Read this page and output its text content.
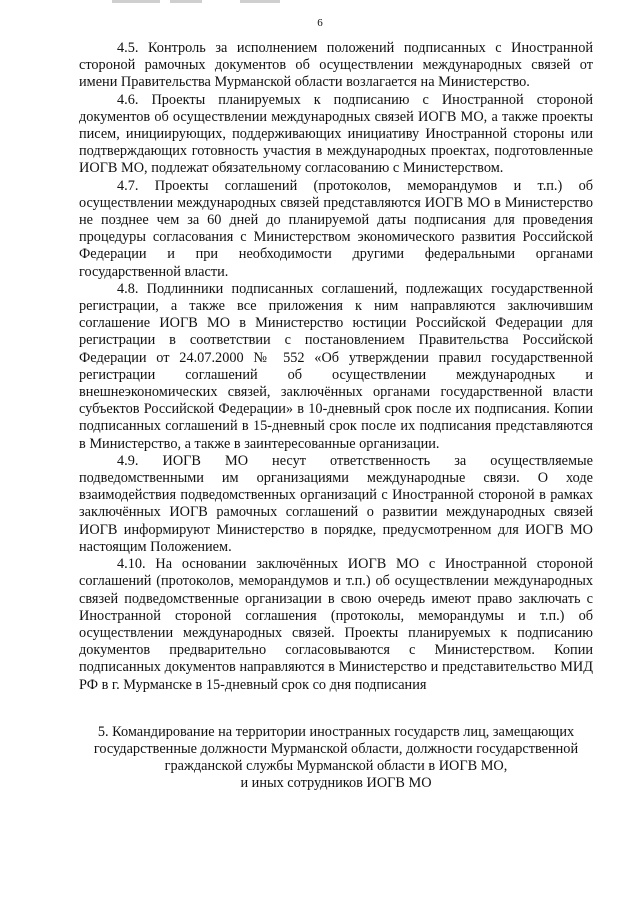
6

4.5. Контроль за исполнением положений подписанных с Иностранной стороной рамочных документов об осуществлении международных связей от имени Правительства Мурманской области возлагается на Министерство.

4.6. Проекты планируемых к подписанию с Иностранной стороной документов об осуществлении международных связей ИОГВ МО, а также проекты писем, инициирующих, поддерживающих инициативу Иностранной стороны или подтверждающих готовность участия в международных проектах, подготовленные ИОГВ МО, подлежат обязательному согласованию с Министерством.

4.7. Проекты соглашений (протоколов, меморандумов и т.п.) об осуществлении международных связей представляются ИОГВ МО в Министерство не позднее чем за 60 дней до планируемой даты подписания для проведения процедуры согласования с Министерством экономического развития Российской Федерации и при необходимости другими федеральными органами государственной власти.

4.8. Подлинники подписанных соглашений, подлежащих государственной регистрации, а также все приложения к ним направляются заключившим соглашение ИОГВ МО в Министерство юстиции Российской Федерации для регистрации в соответствии с постановлением Правительства Российской Федерации от 24.07.2000 № 552 «Об утверждении правил государственной регистрации соглашений об осуществлении международных и внешнеэкономических связей, заключённых органами государственной власти субъектов Российской Федерации» в 10-дневный срок после их подписания. Копии подписанных соглашений в 15-дневный срок после их подписания представляются в Министерство, а также в заинтересованные организации.

4.9. ИОГВ МО несут ответственность за осуществляемые подведомственными им организациями международные связи. О ходе взаимодействия подведомственных организаций с Иностранной стороной в рамках заключённых ИОГВ рамочных соглашений о развитии международных связей ИОГВ информируют Министерство в порядке, предусмотренном для ИОГВ МО настоящим Положением.

4.10. На основании заключённых ИОГВ МО с Иностранной стороной соглашений (протоколов, меморандумов и т.п.) об осуществлении международных связей подведомственные организации в свою очередь имеют право заключать с Иностранной стороной соглашения (протоколы, меморандумы и т.п.) об осуществлении международных связей. Проекты планируемых к подписанию документов предварительно согласовываются с Министерством. Копии подписанных документов направляются в Министерство и представительство МИД РФ в г. Мурманске в 15-дневный срок со дня подписания

5. Командирование на территории иностранных государств лиц, замещающих
государственные должности Мурманской области, должности государственной
гражданской службы Мурманской области в ИОГВ МО,
и иных сотрудников ИОГВ МО
